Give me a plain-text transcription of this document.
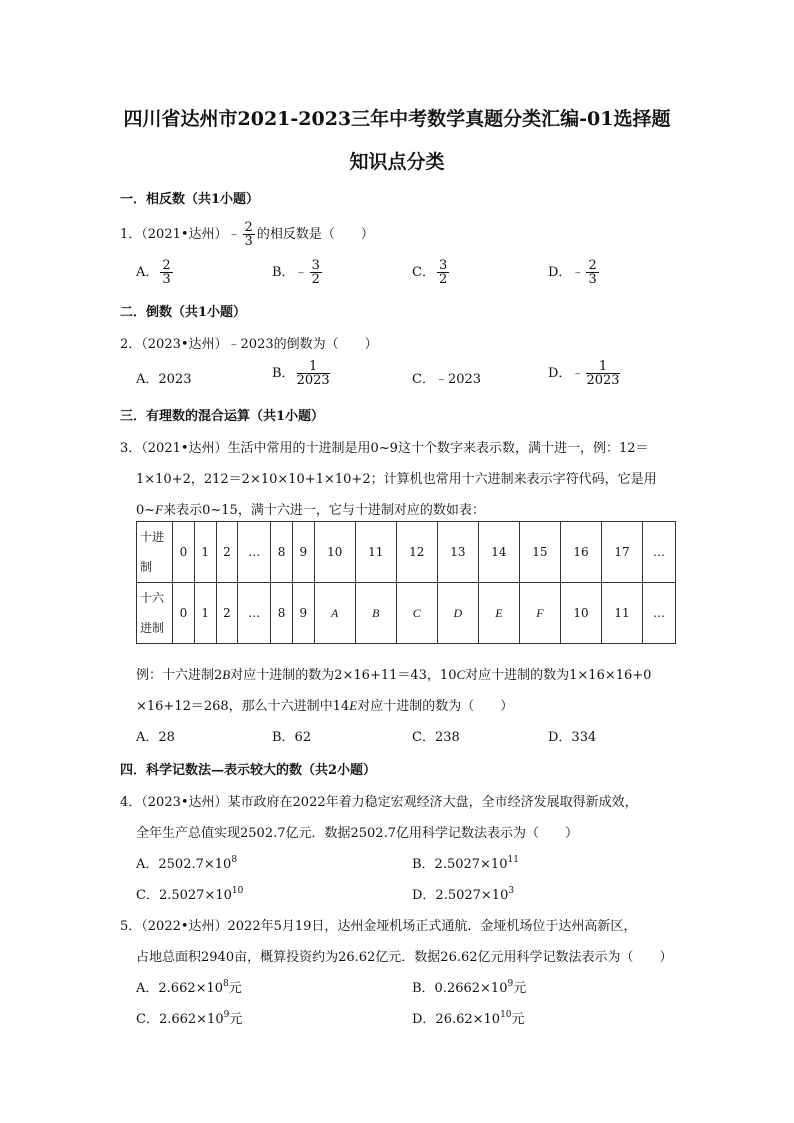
四川省达州市2021-2023三年中考数学真题分类汇编-01选择题
知识点分类
一．相反数（共1小题）
1．（2021•达州）﹣ $\frac{2}{3}$ 的相反数是（　　）
A． $\frac{2}{3}$	B．﹣ $\frac{3}{2}$	C． $\frac{3}{2}$	D．﹣ $\frac{2}{3}$
二．倒数（共1小题）
2．（2023•达州）﹣2023的倒数为（　　）
A．2023	B． $\frac{1}{2023}$	C．﹣2023	D．﹣ $\frac{1}{2023}$
三．有理数的混合运算（共1小题）
3．（2021•达州）生活中常用的十进制是用0~9这十个数字来表示数，满十进一，例：12＝
1×10+2，212＝2×10×10+1×10+2；计算机也常用十六进制来表示字符代码，它是用
0~F来表示0~15，满十六进一，它与十进制对应的数如表：
十进
制	0	1	2	…	8	9	10	11	12	13	14	15	16	17	…
十六
进制	0	1	2	…	8	9	A	B	C	D	E	F	10	11	…
例：十六进制2B对应十进制的数为2×16+11＝43，10C对应十进制的数为1×16×16+0
×16+12＝268，那么十六进制中14E对应十进制的数为（　　）
A．28	B．62	C．238	D．334
四．科学记数法—表示较大的数（共2小题）
4．（2023•达州）某市政府在2022年着力稳定宏观经济大盘，全市经济发展取得新成效，
全年生产总值实现2502.7亿元．数据2502.7亿用科学记数法表示为（　　）
A．$2502.7\times 10^8$	B．$2.5027\times 10^{11}$
C．$2.5027\times 10^{10}$	D．$2.5027\times 10^3$
5．（2022•达州）2022年5月19日，达州金垭机场正式通航．金垭机场位于达州高新区，
占地总面积2940亩，概算投资约为26.62亿元．数据26.62亿元用科学记数法表示为（　　）
A．$2.662\times 10^8$元	B．$0.2662\times 10^9$元
C．$2.662\times 10^9$元	D．$26.62\times 10^{10}$元
